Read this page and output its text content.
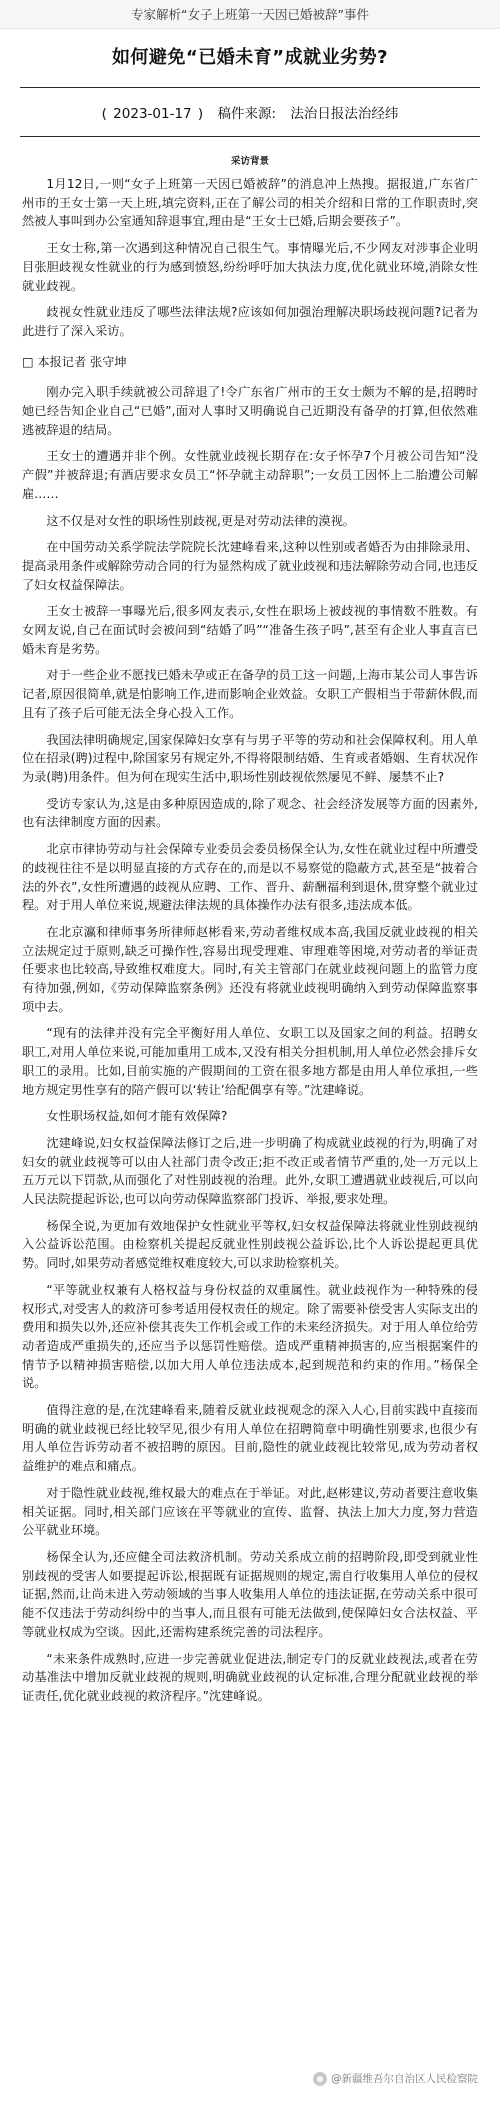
专家解析“女子上班第一天因已婚被辞”事件
如何避免“已婚未育”成就业劣势?
( 2023-01-17 ) 稿件来源: 法治日报法治经纬
采访背景

1月12日,一则“女子上班第一天因已婚被辞”的消息冲上热搜。据报道,广东省广州市的王女士第一天上班,填完资料,正在了解公司的相关介绍和日常的工作职责时,突然被人事叫到办公室通知辞退事宜,理由是“王女士已婚,后期会要孩子”。

王女士称,第一次遇到这种情况自己很生气。事情曝光后,不少网友对涉事企业明目张胆歧视女性就业的行为感到愤怒,纷纷呼吁加大执法力度,优化就业环境,消除女性就业歧视。

歧视女性就业违反了哪些法律法规?应该如何加强治理解决职场歧视问题?记者为此进行了深入采访。

□ 本报记者 张守坤

刚办完入职手续就被公司辞退了!令广东省广州市的王女士颇为不解的是,招聘时她已经告知企业自己“已婚”,面对人事时又明确说自己近期没有备孕的打算,但依然难逃被辞退的结局。

王女士的遭遇并非个例。女性就业歧视长期存在:女子怀孕7个月被公司告知“没产假”并被辞退;有酒店要求女员工“怀孕就主动辞职”;一女员工因怀上二胎遭公司解雇……

这不仅是对女性的职场性别歧视,更是对劳动法律的漠视。

在中国劳动关系学院法学院院长沈建峰看来,这种以性别或者婚否为由排除录用、提高录用条件或解除劳动合同的行为显然构成了就业歧视和违法解除劳动合同,也违反了妇女权益保障法。

王女士被辞一事曝光后,很多网友表示,女性在职场上被歧视的事情数不胜数。有女网友说,自己在面试时会被问到“结婚了吗”“准备生孩子吗”,甚至有企业人事直言已婚未育是劣势。

对于一些企业不愿找已婚未孕或正在备孕的员工这一问题,上海市某公司人事告诉记者,原因很简单,就是怕影响工作,进而影响企业效益。女职工产假相当于带薪休假,而且有了孩子后可能无法全身心投入工作。

我国法律明确规定,国家保障妇女享有与男子平等的劳动和社会保障权利。用人单位在招录(聘)过程中,除国家另有规定外,不得将限制结婚、生育或者婚姻、生育状况作为录(聘)用条件。但为何在现实生活中,职场性别歧视依然屡见不鲜、屡禁不止?

受访专家认为,这是由多种原因造成的,除了观念、社会经济发展等方面的因素外,也有法律制度方面的因素。

北京市律协劳动与社会保障专业委员会委员杨保全认为,女性在就业过程中所遭受的歧视往往不是以明显直接的方式存在的,而是以不易察觉的隐蔽方式,甚至是“披着合法的外衣”,女性所遭遇的歧视从应聘、工作、晋升、薪酬福利到退休,贯穿整个就业过程。对于用人单位来说,规避法律法规的具体操作办法有很多,违法成本低。

在北京瀛和律师事务所律师赵彬看来,劳动者维权成本高,我国反就业歧视的相关立法规定过于原则,缺乏可操作性,容易出现受理难、审理难等困境,对劳动者的举证责任要求也比较高,导致维权难度大。同时,有关主管部门在就业歧视问题上的监管力度有待加强,例如,《劳动保障监察条例》还没有将就业歧视明确纳入到劳动保障监察事项中去。

“现有的法律并没有完全平衡好用人单位、女职工以及国家之间的利益。招聘女职工,对用人单位来说,可能加重用工成本,又没有相关分担机制,用人单位必然会排斥女职工的录用。比如,目前实施的产假期间的工资在很多地方都是由用人单位承担,一些地方规定男性享有的陪产假可以‘转让’给配偶享有等。”沈建峰说。

女性职场权益,如何才能有效保障?

沈建峰说,妇女权益保障法修订之后,进一步明确了构成就业歧视的行为,明确了对妇女的就业歧视等可以由人社部门责令改正;拒不改正或者情节严重的,处一万元以上五万元以下罚款,从而强化了对性别歧视的治理。此外,女职工遭遇就业歧视后,可以向人民法院提起诉讼,也可以向劳动保障监察部门投诉、举报,要求处理。

杨保全说,为更加有效地保护女性就业平等权,妇女权益保障法将就业性别歧视纳入公益诉讼范围。由检察机关提起反就业性别歧视公益诉讼,比个人诉讼提起更具优势。同时,如果劳动者感觉维权难度较大,可以求助检察机关。

“平等就业权兼有人格权益与身份权益的双重属性。就业歧视作为一种特殊的侵权形式,对受害人的救济可参考适用侵权责任的规定。除了需要补偿受害人实际支出的费用和损失以外,还应补偿其丧失工作机会或工作的未来经济损失。对于用人单位给劳动者造成严重损失的,还应当予以惩罚性赔偿。造成严重精神损害的,应当根据案件的情节予以精神损害赔偿,以加大用人单位违法成本,起到规范和约束的作用。”杨保全说。

值得注意的是,在沈建峰看来,随着反就业歧视观念的深入人心,目前实践中直接而明确的就业歧视已经比较罕见,很少有用人单位在招聘简章中明确性别要求,也很少有用人单位告诉劳动者不被招聘的原因。目前,隐性的就业歧视比较常见,成为劳动者权益维护的难点和痛点。

对于隐性就业歧视,维权最大的难点在于举证。对此,赵彬建议,劳动者要注意收集相关证据。同时,相关部门应该在平等就业的宣传、监督、执法上加大力度,努力营造公平就业环境。

杨保全认为,还应健全司法救济机制。劳动关系成立前的招聘阶段,即受到就业性别歧视的受害人如要提起诉讼,根据既有证据规则的规定,需自行收集用人单位的侵权证据,然而,让尚未进入劳动领域的当事人收集用人单位的违法证据,在劳动关系中很可能不仅违法于劳动纠纷中的当事人,而且很有可能无法做到,使保障妇女合法权益、平等就业权成为空谈。因此,还需构建系统完善的司法程序。

“未来条件成熟时,应进一步完善就业促进法,制定专门的反就业歧视法,或者在劳动基准法中增加反就业歧视的规则,明确就业歧视的认定标准,合理分配就业歧视的举证责任,优化就业歧视的救济程序。”沈建峰说。

@新疆维吾尔自治区人民检察院
